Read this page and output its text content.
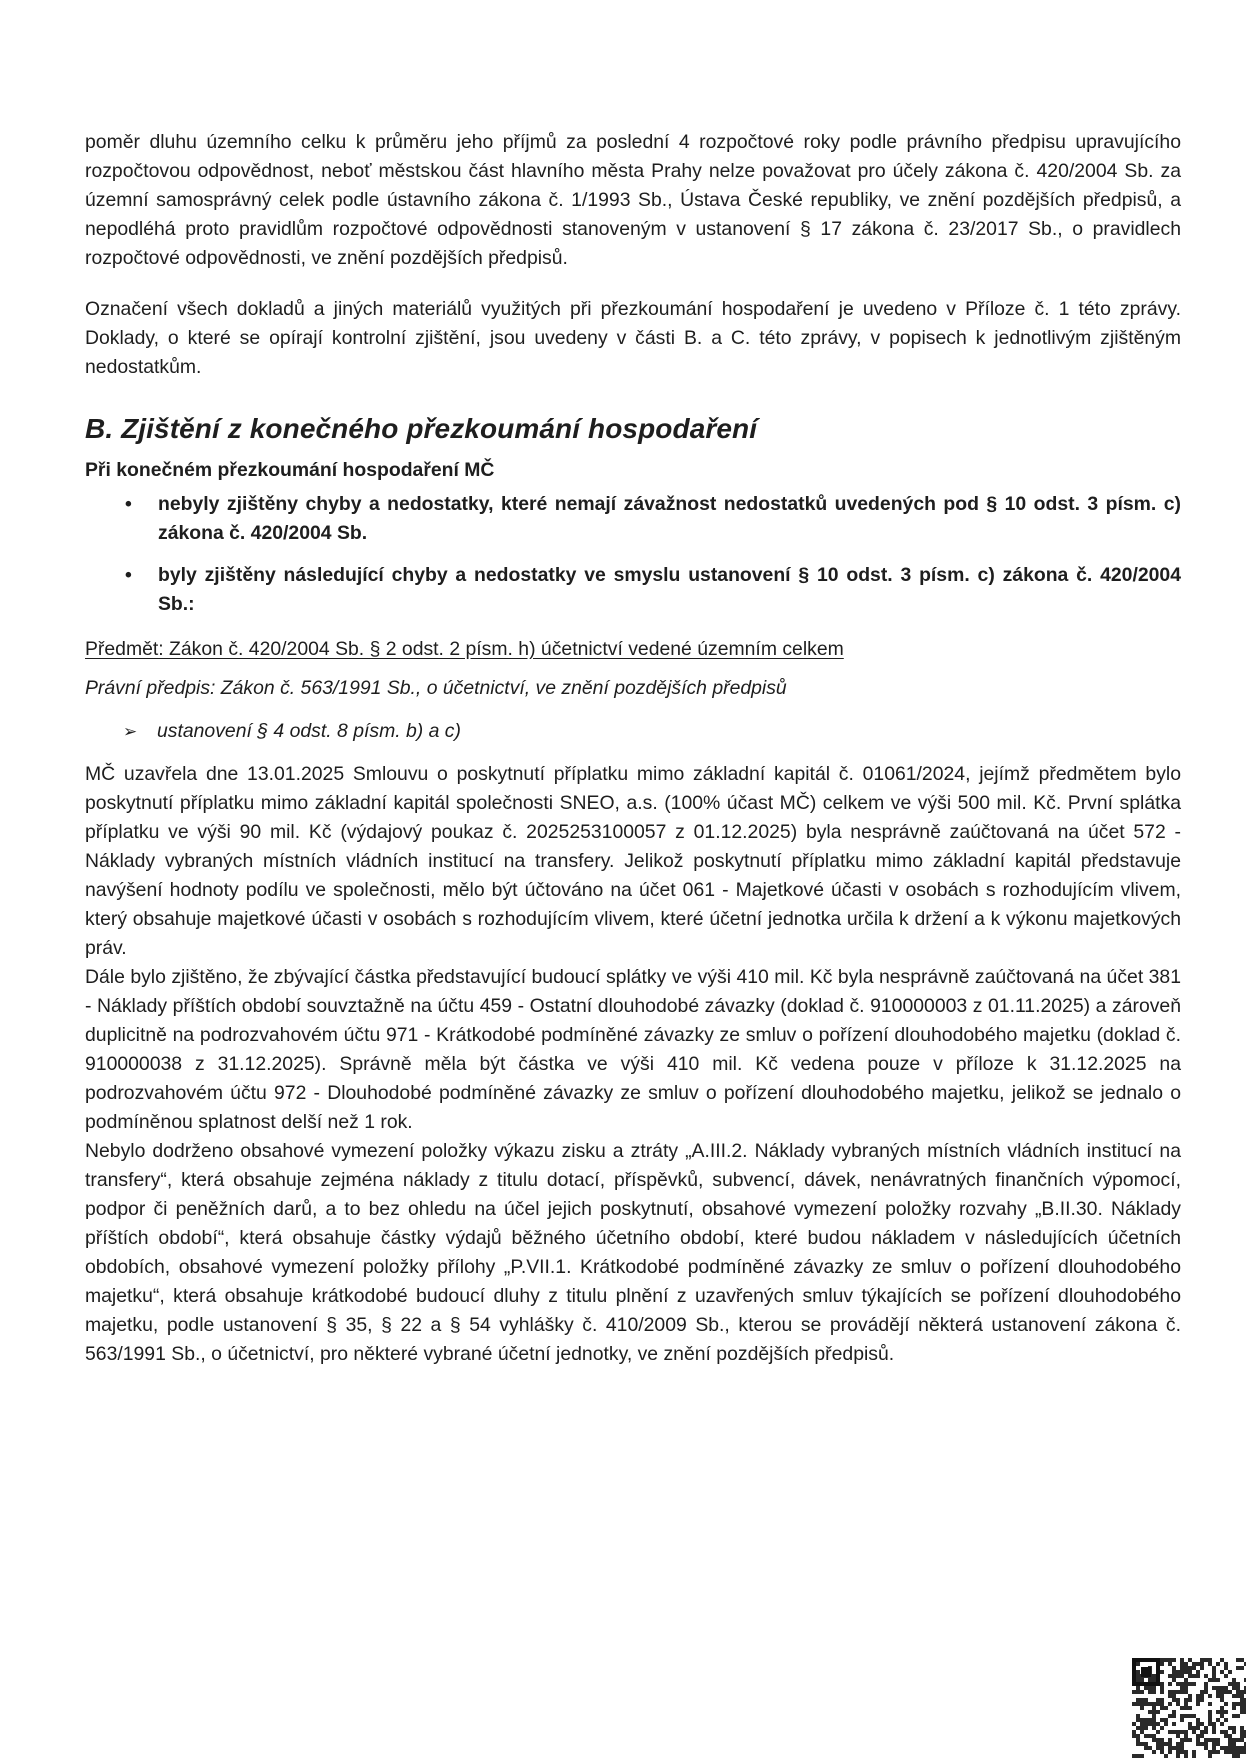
poměr dluhu územního celku k průměru jeho příjmů za poslední 4 rozpočtové roky podle právního předpisu upravujícího rozpočtovou odpovědnost, neboť městskou část hlavního města Prahy nelze považovat pro účely zákona č. 420/2004 Sb. za územní samosprávný celek podle ústavního zákona č. 1/1993 Sb., Ústava České republiky, ve znění pozdějších předpisů, a nepodléhá proto pravidlům rozpočtové odpovědnosti stanoveným v ustanovení § 17 zákona č. 23/2017 Sb., o pravidlech rozpočtové odpovědnosti, ve znění pozdějších předpisů.

Označení všech dokladů a jiných materiálů využitých při přezkoumání hospodaření je uvedeno v Příloze č. 1 této zprávy. Doklady, o které se opírají kontrolní zjištění, jsou uvedeny v části B. a C. této zprávy, v popisech k jednotlivým zjištěným nedostatkům.

B. Zjištění z konečného přezkoumání hospodaření

Při konečném přezkoumání hospodaření MČ

• nebyly zjištěny chyby a nedostatky, které nemají závažnost nedostatků uvedených pod § 10 odst. 3 písm. c) zákona č. 420/2004 Sb.
• byly zjištěny následující chyby a nedostatky ve smyslu ustanovení § 10 odst. 3 písm. c) zákona č. 420/2004 Sb.:

Předmět: Zákon č. 420/2004 Sb. § 2 odst. 2 písm. h) účetnictví vedené územním celkem

Právní předpis: Zákon č. 563/1991 Sb., o účetnictví, ve znění pozdějších předpisů

➢	ustanovení § 4 odst. 8 písm. b) a c)

MČ uzavřela dne 13.01.2025 Smlouvu o poskytnutí příplatku mimo základní kapitál č. 01061/2024, jejímž předmětem bylo poskytnutí příplatku mimo základní kapitál společnosti SNEO, a.s. (100% účast MČ) celkem ve výši 500 mil. Kč. První splátka příplatku ve výši 90 mil. Kč (výdajový poukaz č. 2025253100057 z 01.12.2025) byla nesprávně zaúčtovaná na účet 572 - Náklady vybraných místních vládních institucí na transfery. Jelikož poskytnutí příplatku mimo základní kapitál představuje navýšení hodnoty podílu ve společnosti, mělo být účtováno na účet 061 - Majetkové účasti v osobách s rozhodujícím vlivem, který obsahuje majetkové účasti v osobách s rozhodujícím vlivem, které účetní jednotka určila k držení a k výkonu majetkových práv.

Dále bylo zjištěno, že zbývající částka představující budoucí splátky ve výši 410 mil. Kč byla nesprávně zaúčtovaná na účet 381 - Náklady příštích období souvztažně na účtu 459 - Ostatní dlouhodobé závazky (doklad č. 910000003 z 01.11.2025) a zároveň duplicitně na podrozvahovém účtu 971 - Krátkodobé podmíněné závazky ze smluv o pořízení dlouhodobého majetku (doklad č. 910000038 z 31.12.2025). Správně měla být částka ve výši 410 mil. Kč vedena pouze v příloze k 31.12.2025 na podrozvahovém účtu 972 - Dlouhodobé podmíněné závazky ze smluv o pořízení dlouhodobého majetku, jelikož se jednalo o podmíněnou splatnost delší než 1 rok.

Nebylo dodrženo obsahové vymezení položky výkazu zisku a ztráty „A.III.2. Náklady vybraných místních vládních institucí na transfery“, která obsahuje zejména náklady z titulu dotací, příspěvků, subvencí, dávek, nenávratných finančních výpomocí, podpor či peněžních darů, a to bez ohledu na účel jejich poskytnutí, obsahové vymezení položky rozvahy „B.II.30. Náklady příštích období“, která obsahuje částky výdajů běžného účetního období, které budou nákladem v následujících účetních obdobích, obsahové vymezení položky přílohy „P.VII.1. Krátkodobé podmíněné závazky ze smluv o pořízení dlouhodobého majetku“, která obsahuje krátkodobé budoucí dluhy z titulu plnění z uzavřených smluv týkajících se pořízení dlouhodobého majetku, podle ustanovení § 35, § 22 a § 54 vyhlášky č. 410/2009 Sb., kterou se provádějí některá ustanovení zákona č. 563/1991 Sb., o účetnictví, pro některé vybrané účetní jednotky, ve znění pozdějších předpisů.
